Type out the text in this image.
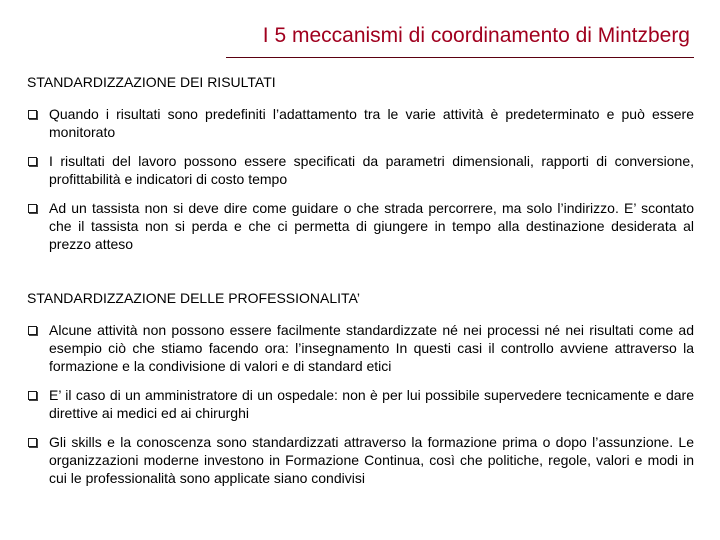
I 5 meccanismi di coordinamento di Mintzberg

STANDARDIZZAZIONE DEI RISULTATI

Quando i risultati sono predefiniti l’adattamento tra le varie attività è predeterminato e può essere monitorato
I risultati del lavoro possono essere specificati da parametri dimensionali, rapporti di conversione, profittabilità e indicatori di costo tempo
Ad un tassista non si deve dire come guidare o che strada percorrere, ma solo l’indirizzo. E’ scontato che il tassista non si perda e che ci permetta di giungere in tempo alla destinazione desiderata al prezzo atteso

STANDARDIZZAZIONE DELLE PROFESSIONALITA’

Alcune attività non possono essere facilmente standardizzate né nei processi né nei risultati come ad esempio ciò che stiamo facendo ora: l’insegnamento In questi casi il controllo avviene attraverso la formazione e la condivisione di valori e di standard etici
E’ il caso di un amministratore di un ospedale: non è per lui possibile supervedere tecnicamente e dare direttive ai medici ed ai chirurghi
Gli skills e la conoscenza sono standardizzati attraverso la formazione prima o dopo l’assunzione. Le organizzazioni moderne investono in Formazione Continua, così che politiche, regole, valori e modi in cui le professionalità sono applicate siano condivisi
